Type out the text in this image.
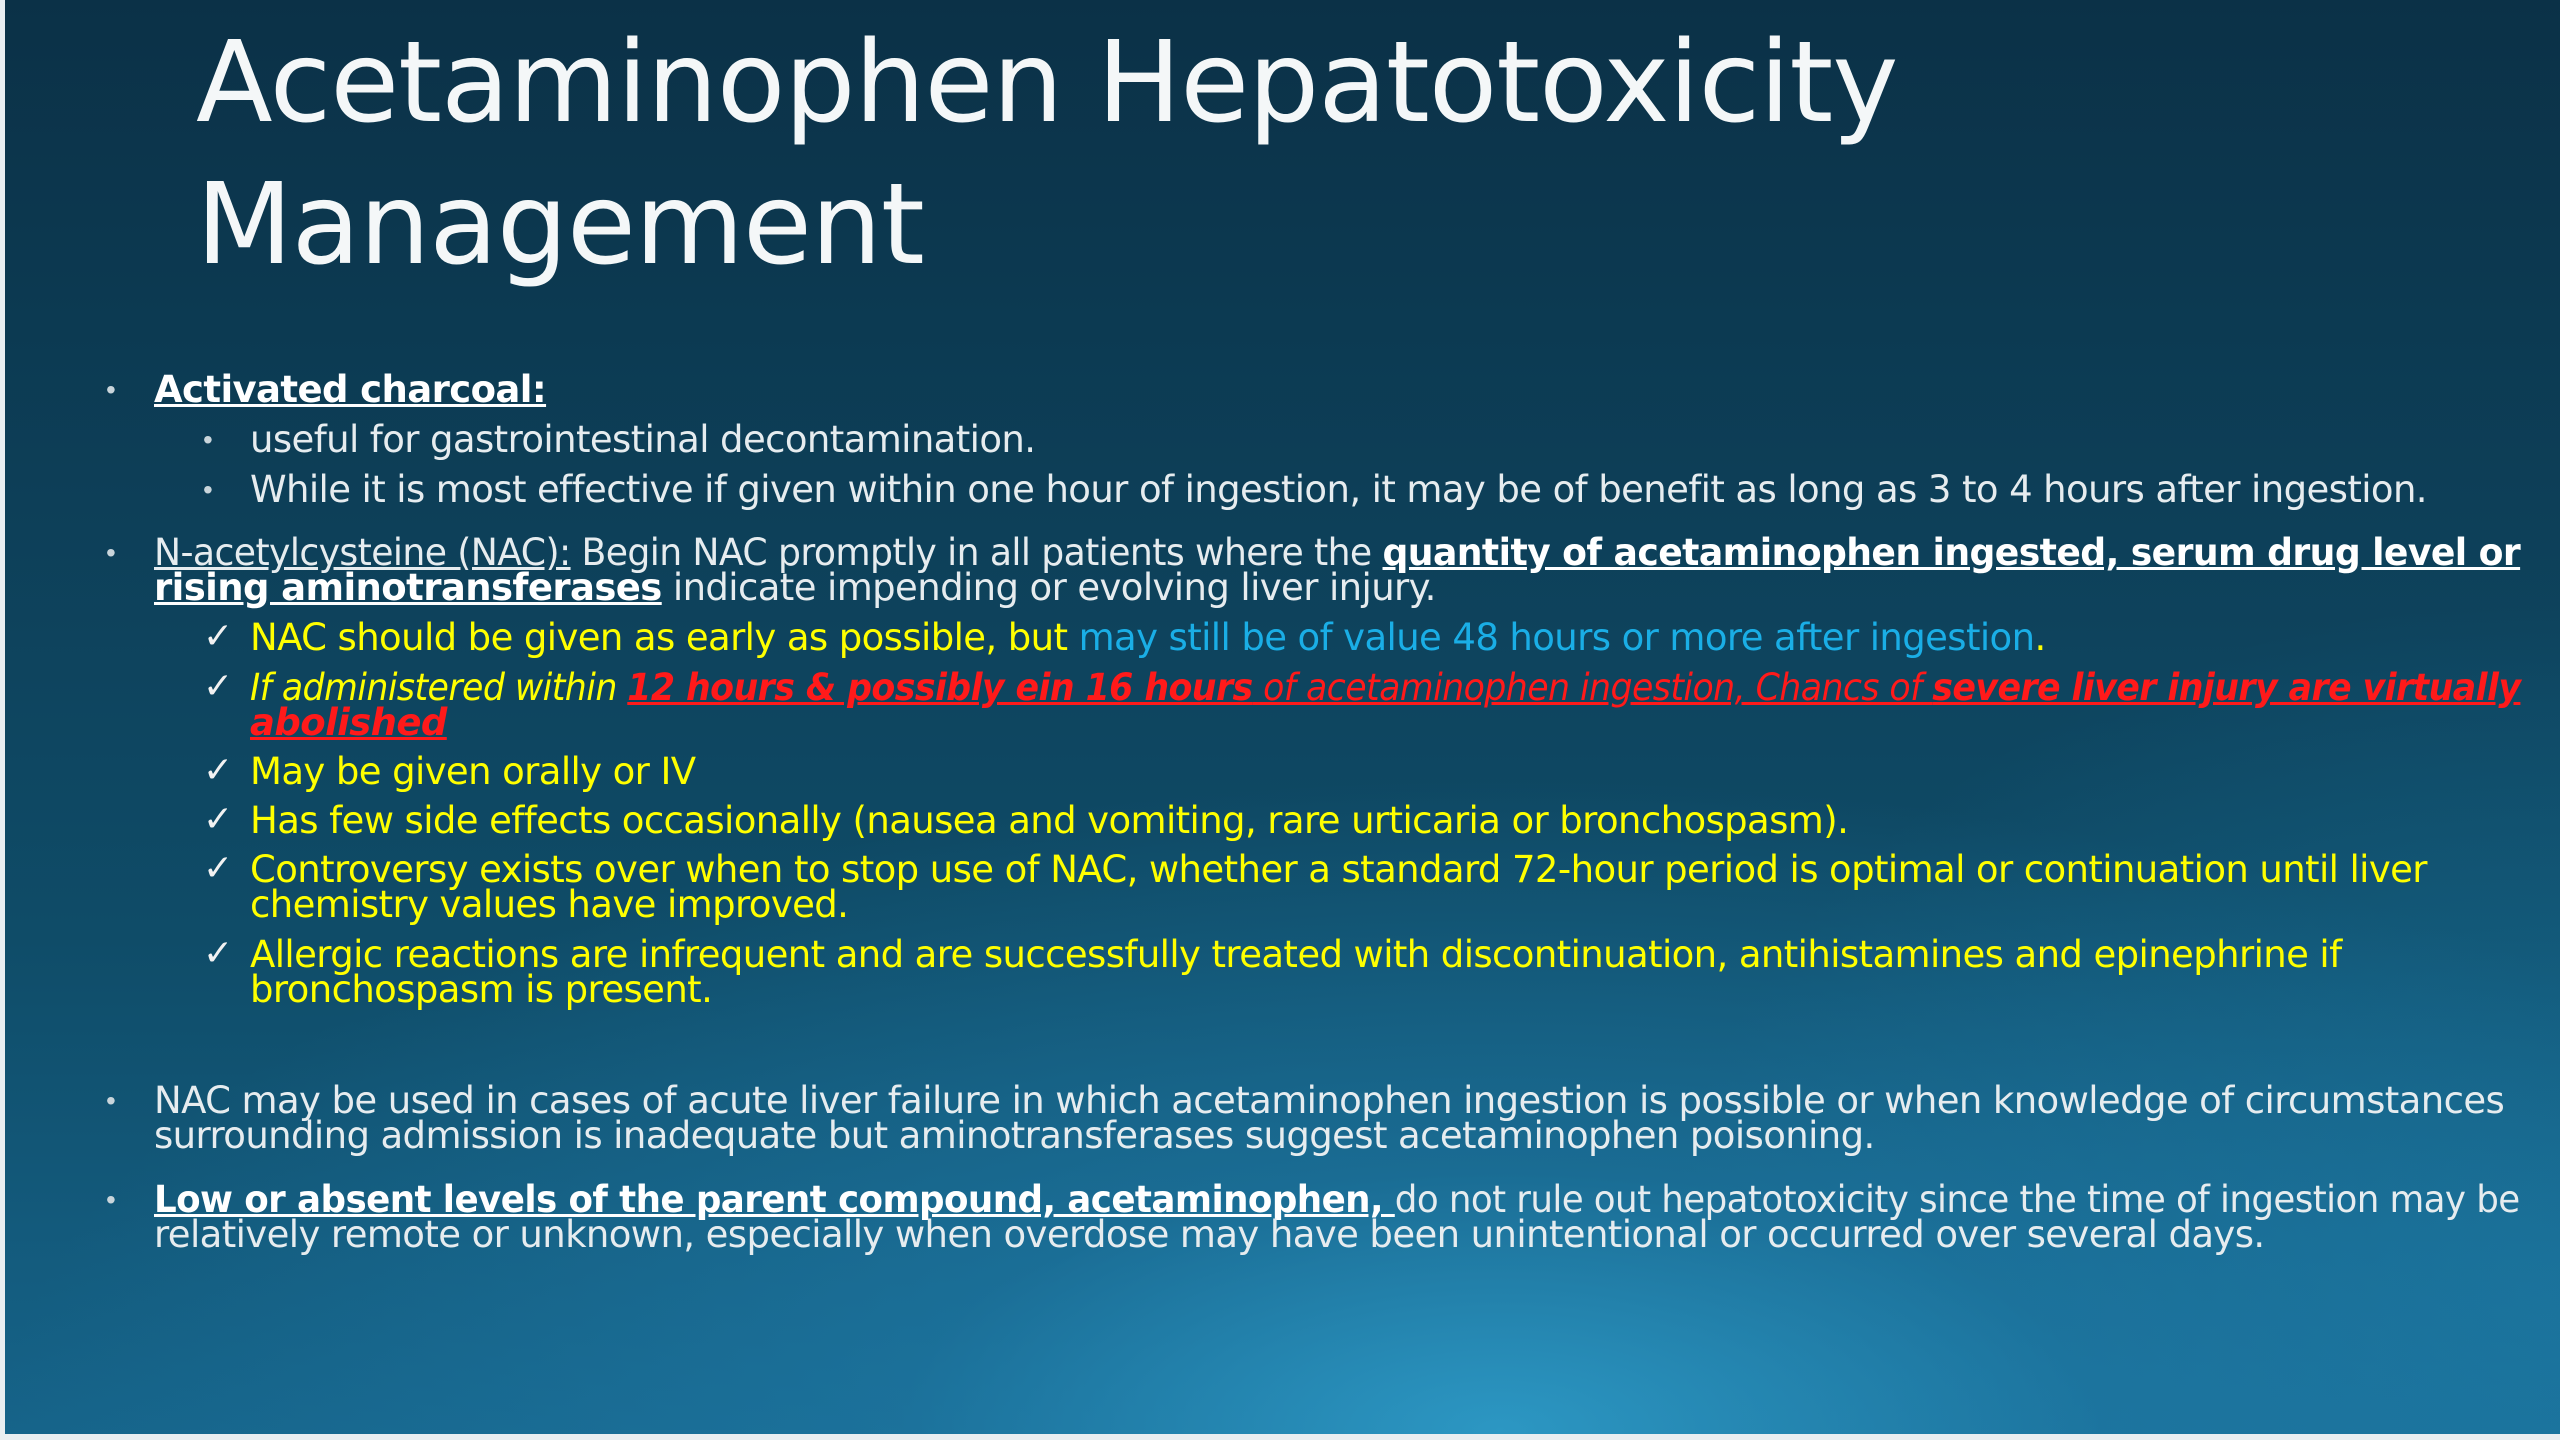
Acetaminophen Hepatotoxicity
Management
• Activated charcoal:
• useful for gastrointestinal decontamination.
• While it is most effective if given within one hour of ingestion, it may be of benefit as long as 3 to 4 hours after ingestion.
• N-acetylcysteine (NAC): Begin NAC promptly in all patients where the quantity of acetaminophen ingested, serum drug level or
rising aminotransferases indicate impending or evolving liver injury.
✓ NAC should be given as early as possible, but may still be of value 48 hours or more after ingestion.
✓ If administered within 12 hours & possibly ein 16 hours of acetaminophen ingestion, Chancs of severe liver injury are virtually
abolished
✓ May be given orally or IV
✓ Has few side effects occasionally (nausea and vomiting, rare urticaria or bronchospasm).
✓ Controversy exists over when to stop use of NAC, whether a standard 72-hour period is optimal or continuation until liver
chemistry values have improved.
✓ Allergic reactions are infrequent and are successfully treated with discontinuation, antihistamines and epinephrine if
bronchospasm is present.
• NAC may be used in cases of acute liver failure in which acetaminophen ingestion is possible or when knowledge of circumstances
surrounding admission is inadequate but aminotransferases suggest acetaminophen poisoning.
• Low or absent levels of the parent compound, acetaminophen, do not rule out hepatotoxicity since the time of ingestion may be
relatively remote or unknown, especially when overdose may have been unintentional or occurred over several days.
